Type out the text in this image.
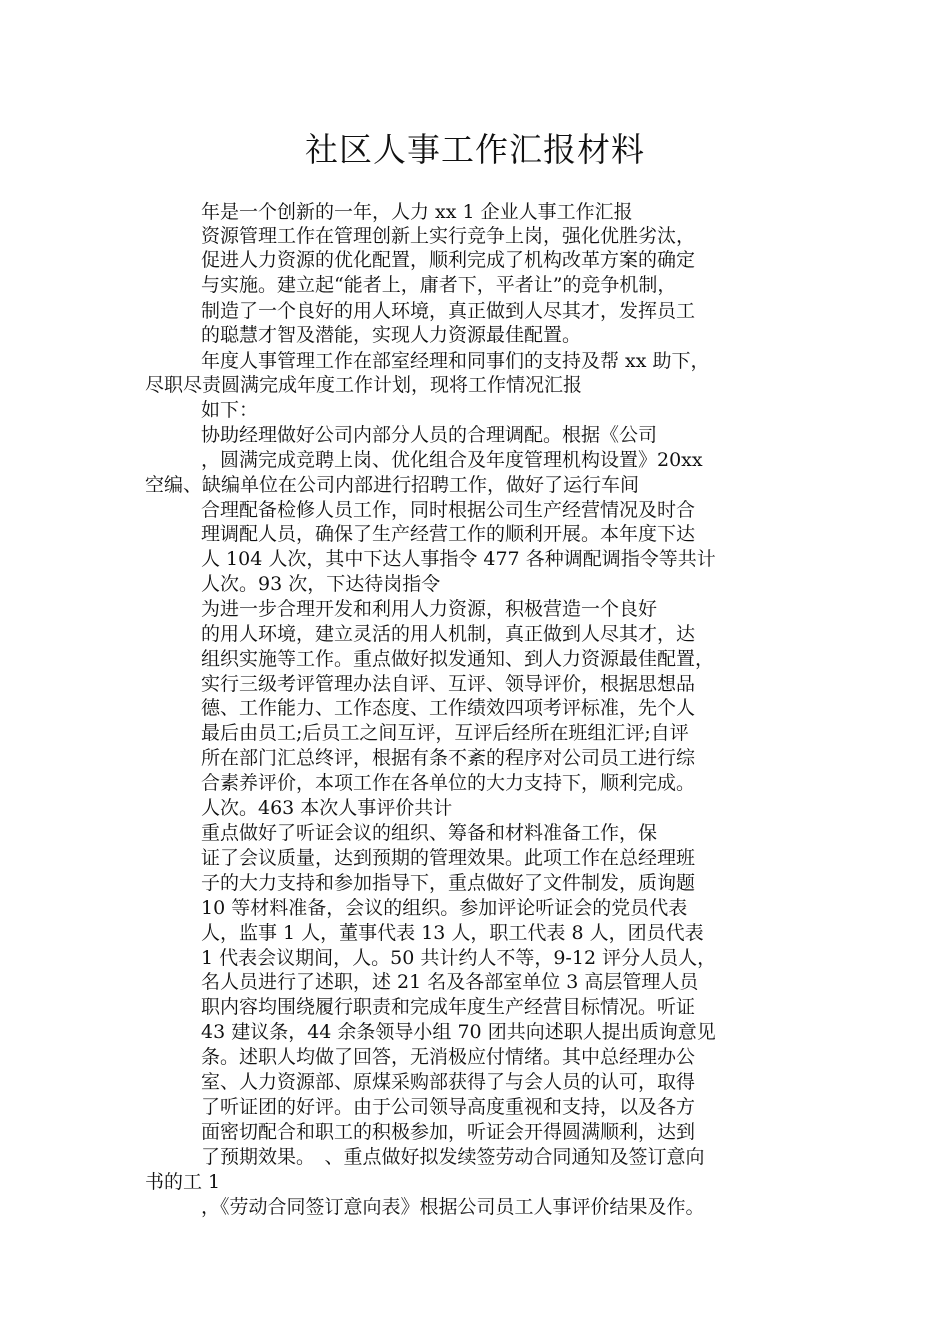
社区人事工作汇报材料
年是一个创新的一年，人力 xx 1 企业人事工作汇报
资源管理工作在管理创新上实行竞争上岗，强化优胜劣汰，
促进人力资源的优化配置，顺利完成了机构改革方案的确定
与实施。建立起“能者上，庸者下，平者让”的竞争机制，
制造了一个良好的用人环境，真正做到人尽其才，发挥员工
的聪慧才智及潜能，实现人力资源最佳配置。
年度人事管理工作在部室经理和同事们的支持及帮 xx 助下，
尽职尽责圆满完成年度工作计划，现将工作情况汇报
如下：
协助经理做好公司内部分人员的合理调配。根据《公司
，圆满完成竞聘上岗、优化组合及年度管理机构设置》20xx
空编、缺编单位在公司内部进行招聘工作，做好了运行车间
合理配备检修人员工作，同时根据公司生产经营情况及时合
理调配人员，确保了生产经营工作的顺利开展。本年度下达
人 104 人次，其中下达人事指令 477 各种调配调指令等共计
人次。93 次，下达待岗指令
为进一步合理开发和利用人力资源，积极营造一个良好
的用人环境，建立灵活的用人机制，真正做到人尽其才，达
组织实施等工作。重点做好拟发通知、到人力资源最佳配置，
实行三级考评管理办法自评、互评、领导评价，根据思想品
德、工作能力、工作态度、工作绩效四项考评标准，先个人
最后由员工;后员工之间互评，互评后经所在班组汇评;自评
所在部门汇总终评，根据有条不紊的程序对公司员工进行综
合素养评价，本项工作在各单位的大力支持下，顺利完成。
人次。463 本次人事评价共计
重点做好了听证会议的组织、筹备和材料准备工作，保
证了会议质量，达到预期的管理效果。此项工作在总经理班
子的大力支持和参加指导下，重点做好了文件制发，质询题
10 等材料准备，会议的组织。参加评论听证会的党员代表
人，监事 1 人，董事代表 13 人，职工代表 8 人，团员代表
1 代表会议期间，人。50 共计约人不等，9-12 评分人员人，
名人员进行了述职，述 21 名及各部室单位 3 高层管理人员
职内容均围绕履行职责和完成年度生产经营目标情况。听证
43 建议条，44 余条领导小组 70 团共向述职人提出质询意见
条。述职人均做了回答，无消极应付情绪。其中总经理办公
室、人力资源部、原煤采购部获得了与会人员的认可，取得
了听证团的好评。由于公司领导高度重视和支持，以及各方
面密切配合和职工的积极参加，听证会开得圆满顺利，达到
了预期效果。　、重点做好拟发续签劳动合同通知及签订意向
书的工 1
，《劳动合同签订意向表》根据公司员工人事评价结果及作。
